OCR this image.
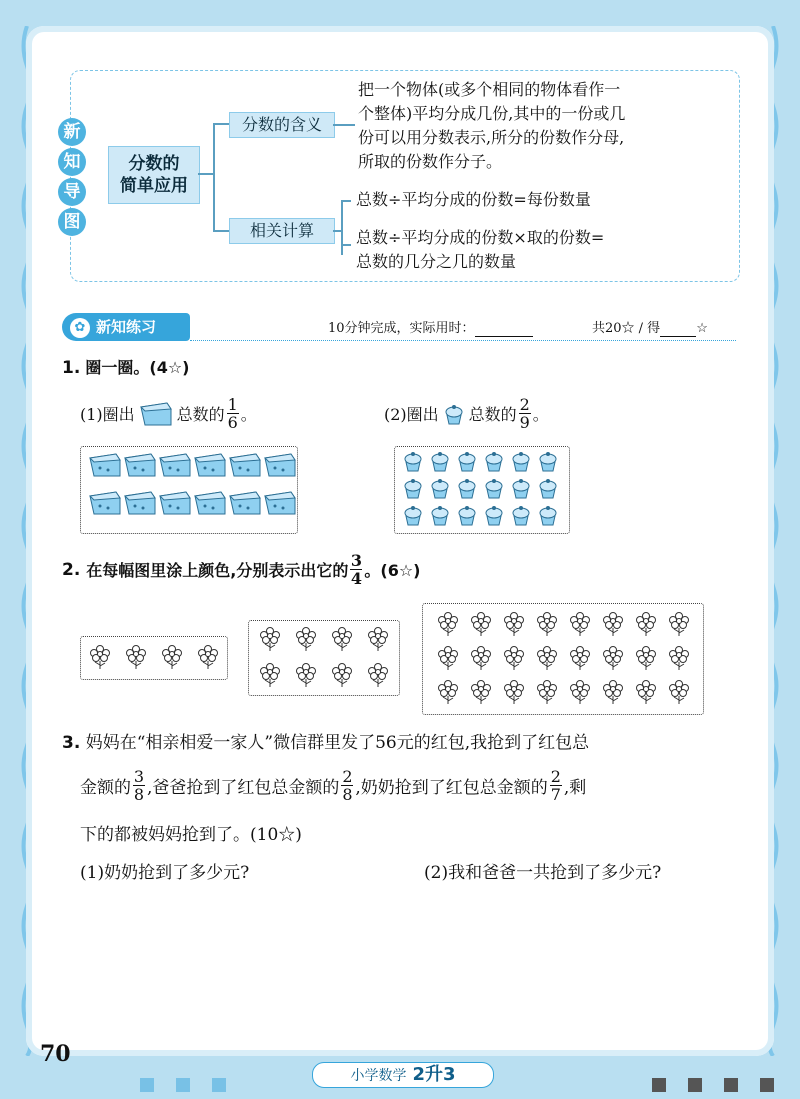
新
知
导
图
分数的
简单应用
分数的含义
相关计算
把一个物体(或多个相同的物体看作一
个整体)平均分成几份,其中的一份或几
份可以用分数表示,所分的份数作分母,
所取的份数作分子。
总数÷平均分成的份数=每份数量
总数÷平均分成的份数×取的份数=
总数的几分之几的数量
✿ 新知练习	10分钟完成，实际用时：	共20☆ / 得	☆
1. 圈一圈。(4☆)
(1)圈出	总数的 $\frac{1}{6}$ 。	(2)圈出 总数的 $\frac{2}{9}$ 。
2. 在每幅图里涂上颜色,分别表示出它的 $\frac{3}{4}$ 。(6☆)
3. 妈妈在“相亲相爱一家人”微信群里发了56元的红包,我抢到了红包总
金额的 $\frac{3}{8}$ ,爸爸抢到了红包总金额的 $\frac{2}{8}$ ,奶奶抢到了红包总金额的 $\frac{2}{7}$ ,剩
下的都被妈妈抢到了。(10☆)
(1)奶奶抢到了多少元?	(2)我和爸爸一共抢到了多少元?
70
小学数学 2升3
